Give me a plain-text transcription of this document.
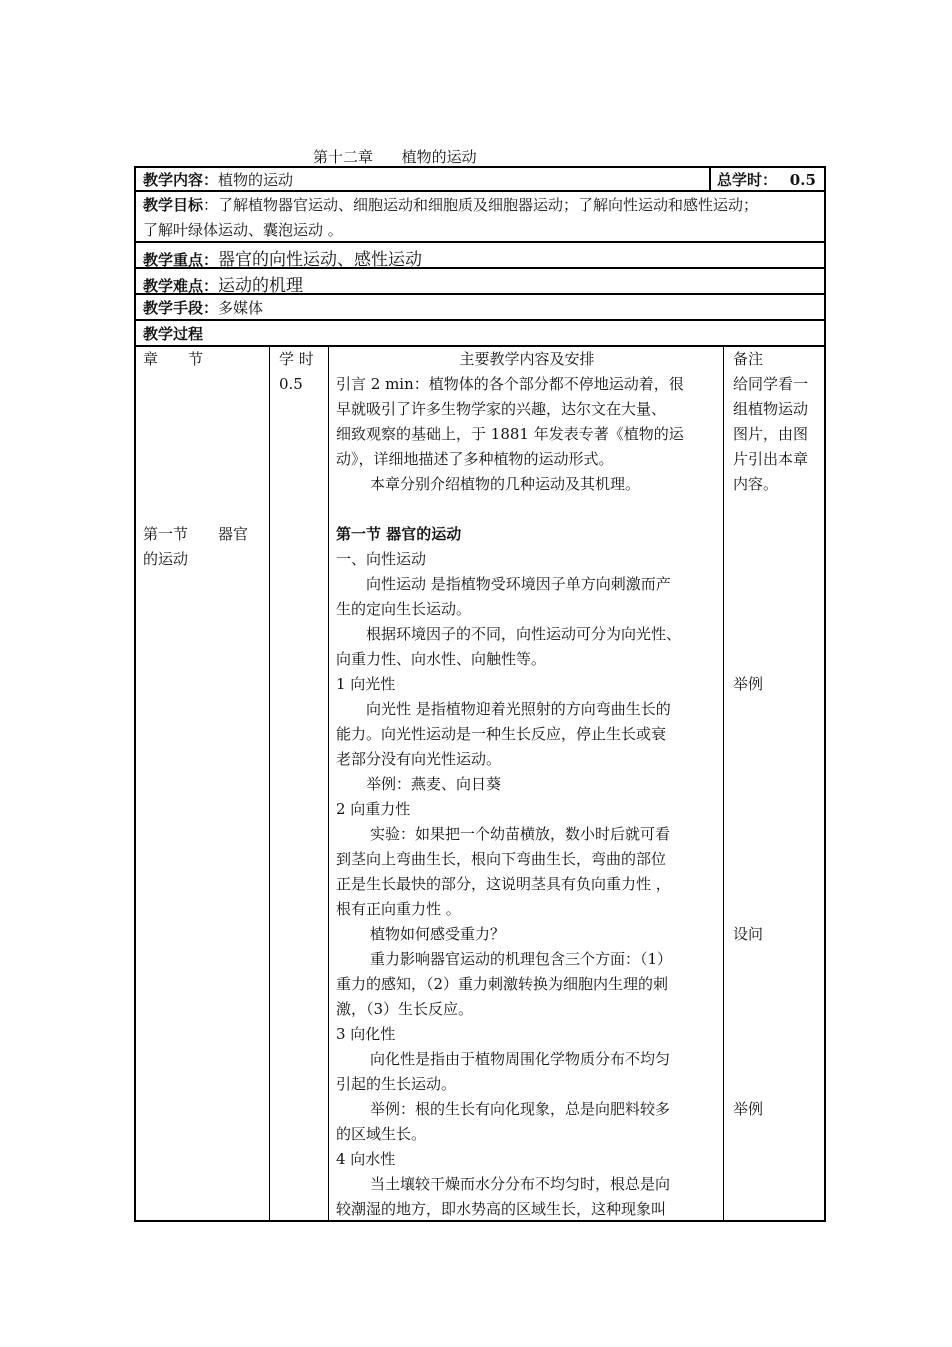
第十二章      植物的运动
教学内容：植物的运动	总学时： 0.5
教学目标：了解植物器官运动、细胞运动和细胞质及细胞器运动；了解向性运动和感性运动；
了解叶绿体运动、囊泡运动 。
教学重点：器官的向性运动、感性运动
教学难点：运动的机理
教学手段：多媒体
教学过程
章　　节
第一节　　器官
的运动
学 时
0.5
主要教学内容及安排
引言 2 min：植物体的各个部分都不停地运动着，很
早就吸引了许多生物学家的兴趣，达尔文在大量、
细致观察的基础上，于 1881 年发表专著《植物的运
动》，详细地描述了多种植物的运动形式。
本章分别介绍植物的几种运动及其机理。
第一节 器官的运动
一、向性运动
向性运动 是指植物受环境因子单方向刺激而产
生的定向生长运动。
根据环境因子的不同，向性运动可分为向光性、
向重力性、向水性、向触性等。
1 向光性
向光性 是指植物迎着光照射的方向弯曲生长的
能力。向光性运动是一种生长反应，停止生长或衰
老部分没有向光性运动。
举例：燕麦、向日葵
2 向重力性
实验：如果把一个幼苗横放，数小时后就可看
到茎向上弯曲生长，根向下弯曲生长，弯曲的部位
正是生长最快的部分，这说明茎具有负向重力性 ，
根有正向重力性 。
植物如何感受重力？
重力影响器官运动的机理包含三个方面：（1）
重力的感知，（2）重力刺激转换为细胞内生理的刺
激，（3）生长反应。
3 向化性
向化性是指由于植物周围化学物质分布不均匀
引起的生长运动。
举例：根的生长有向化现象，总是向肥料较多
的区域生长。
4 向水性
当土壤较干燥而水分分布不均匀时，根总是向
较潮湿的地方，即水势高的区域生长，这种现象叫
备注
给同学看一
组植物运动
图片，由图
片引出本章
内容。
举例
设问
举例
